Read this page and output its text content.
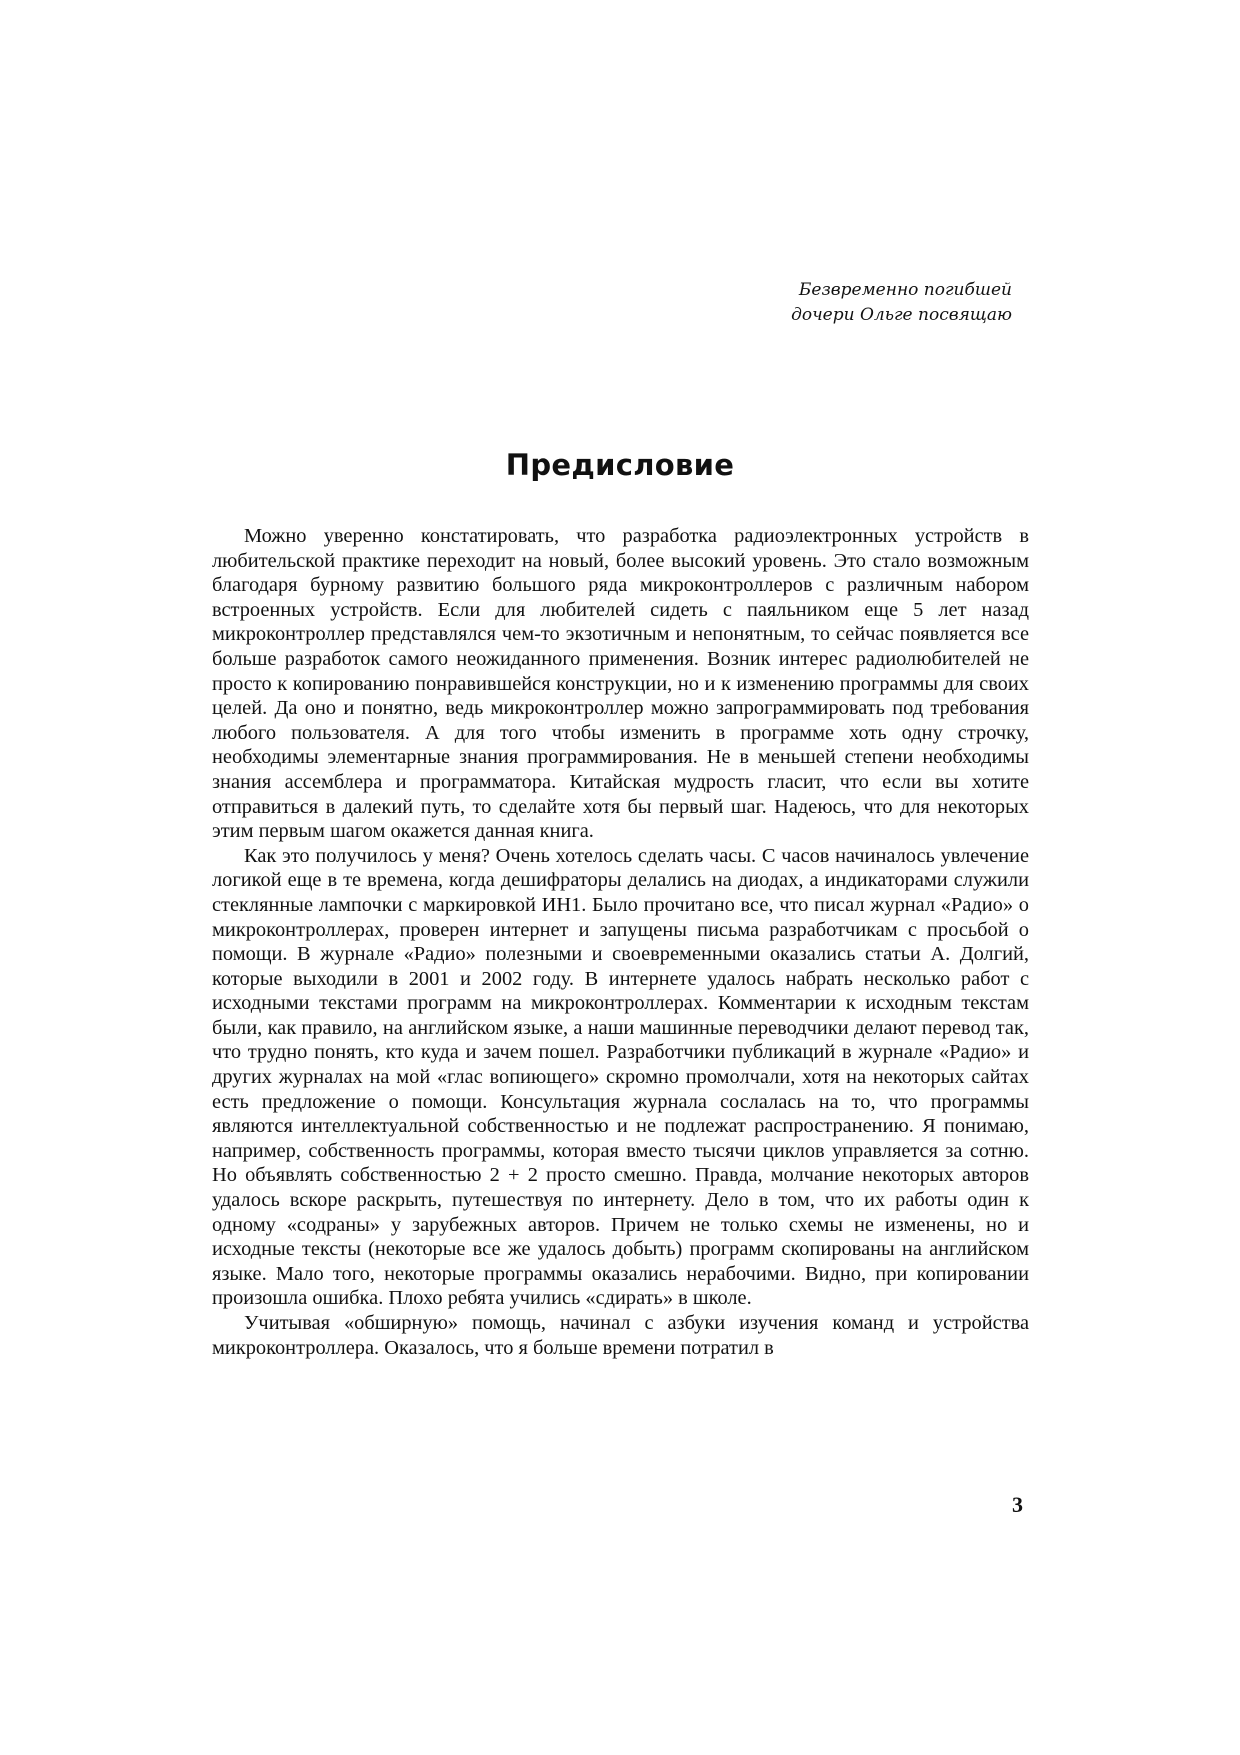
Безвременно погибшей
дочери Ольге посвящаю
Предисловие

Можно уверенно констатировать, что разработка радиоэлектронных устройств в любительской практике переходит на новый, более высокий уровень. Это стало возможным благодаря бурному развитию большого ряда микроконтроллеров с различным набором встроенных устройств. Если для любителей сидеть с паяльником еще 5 лет назад микроконтроллер представлялся чем-то экзотичным и непонятным, то сейчас появляется все больше разработок самого неожиданного применения. Возник интерес радиолюбителей не просто к копированию понравившейся конструкции, но и к изменению программы для своих целей. Да оно и понятно, ведь микроконтроллер можно запрограммировать под требования любого пользователя. А для того чтобы изменить в программе хоть одну строчку, необходимы элементарные знания программирования. Не в меньшей степени необходимы знания ассемблера и программатора. Китайская мудрость гласит, что если вы хотите отправиться в далекий путь, то сделайте хотя бы первый шаг. Надеюсь, что для некоторых этим первым шагом окажется данная книга.

Как это получилось у меня? Очень хотелось сделать часы. С часов начиналось увлечение логикой еще в те времена, когда дешифраторы делались на диодах, а индикаторами служили стеклянные лампочки с маркировкой ИН1. Было прочитано все, что писал журнал «Радио» о микроконтроллерах, проверен интернет и запущены письма разработчикам с просьбой о помощи. В журнале «Радио» полезными и своевременными оказались статьи А. Долгий, которые выходили в 2001 и 2002 году. В интернете удалось набрать несколько работ с исходными текстами программ на микроконтроллерах. Комментарии к исходным текстам были, как правило, на английском языке, а наши машинные переводчики делают перевод так, что трудно понять, кто куда и зачем пошел. Разработчики публикаций в журнале «Радио» и других журналах на мой «глас вопиющего» скромно промолчали, хотя на некоторых сайтах есть предложение о помощи. Консультация журнала сослалась на то, что программы являются интеллектуальной собственностью и не подлежат распространению. Я понимаю, например, собственность программы, которая вместо тысячи циклов управляется за сотню. Но объявлять собственностью 2 + 2 просто смешно. Правда, молчание некоторых авторов удалось вскоре раскрыть, путешествуя по интернету. Дело в том, что их работы один к одному «содраны» у зарубежных авторов. Причем не только схемы не изменены, но и исходные тексты (некоторые все же удалось добыть) программ скопированы на английском языке. Мало того, некоторые программы оказались нерабочими. Видно, при копировании произошла ошибка. Плохо ребята учились «сдирать» в школе.

Учитывая «обширную» помощь, начинал с азбуки изучения команд и устройства микроконтроллера. Оказалось, что я больше времени потратил в

3
